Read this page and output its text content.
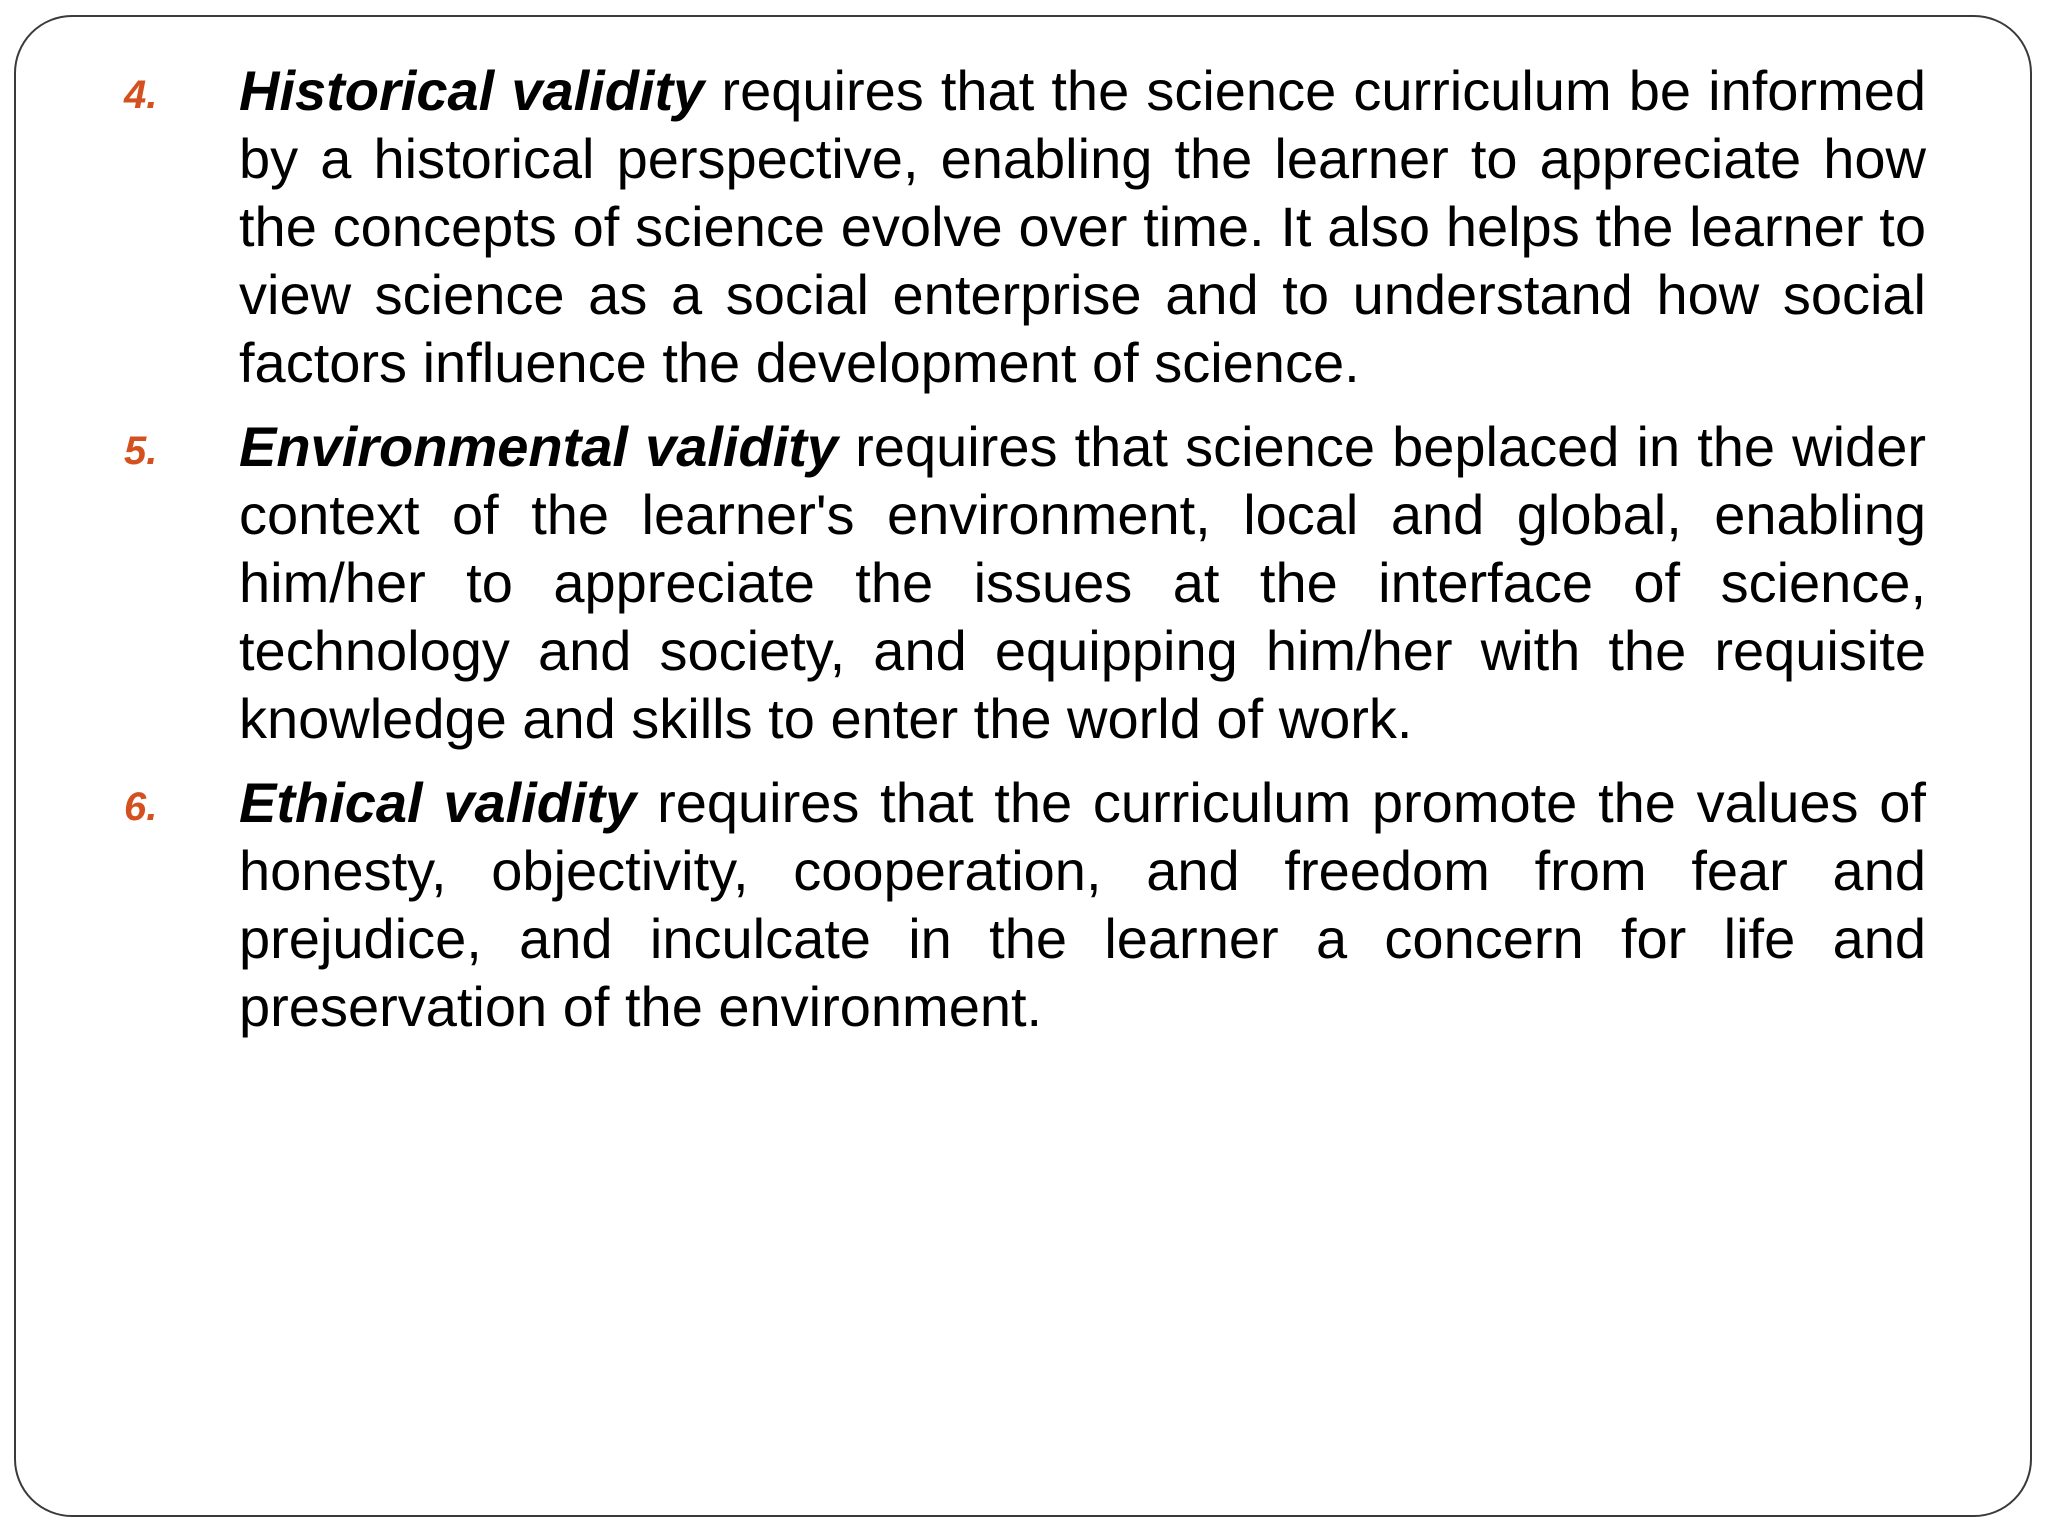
4. Historical validity requires that the science curriculum be informed by a historical perspective, enabling the learner to appreciate how the concepts of science evolve over time. It also helps the learner to view science as a social enterprise and to understand how social factors influence the development of science.
5. Environmental validity requires that science beplaced in the wider context of the learner's environment, local and global, enabling him/her to appreciate the issues at the interface of science, technology and society, and equipping him/her with the requisite knowledge and skills to enter the world of work.
6. Ethical validity requires that the curriculum promote the values of honesty, objectivity, cooperation, and freedom from fear and prejudice, and inculcate in the learner a concern for life and preservation of the environment.
